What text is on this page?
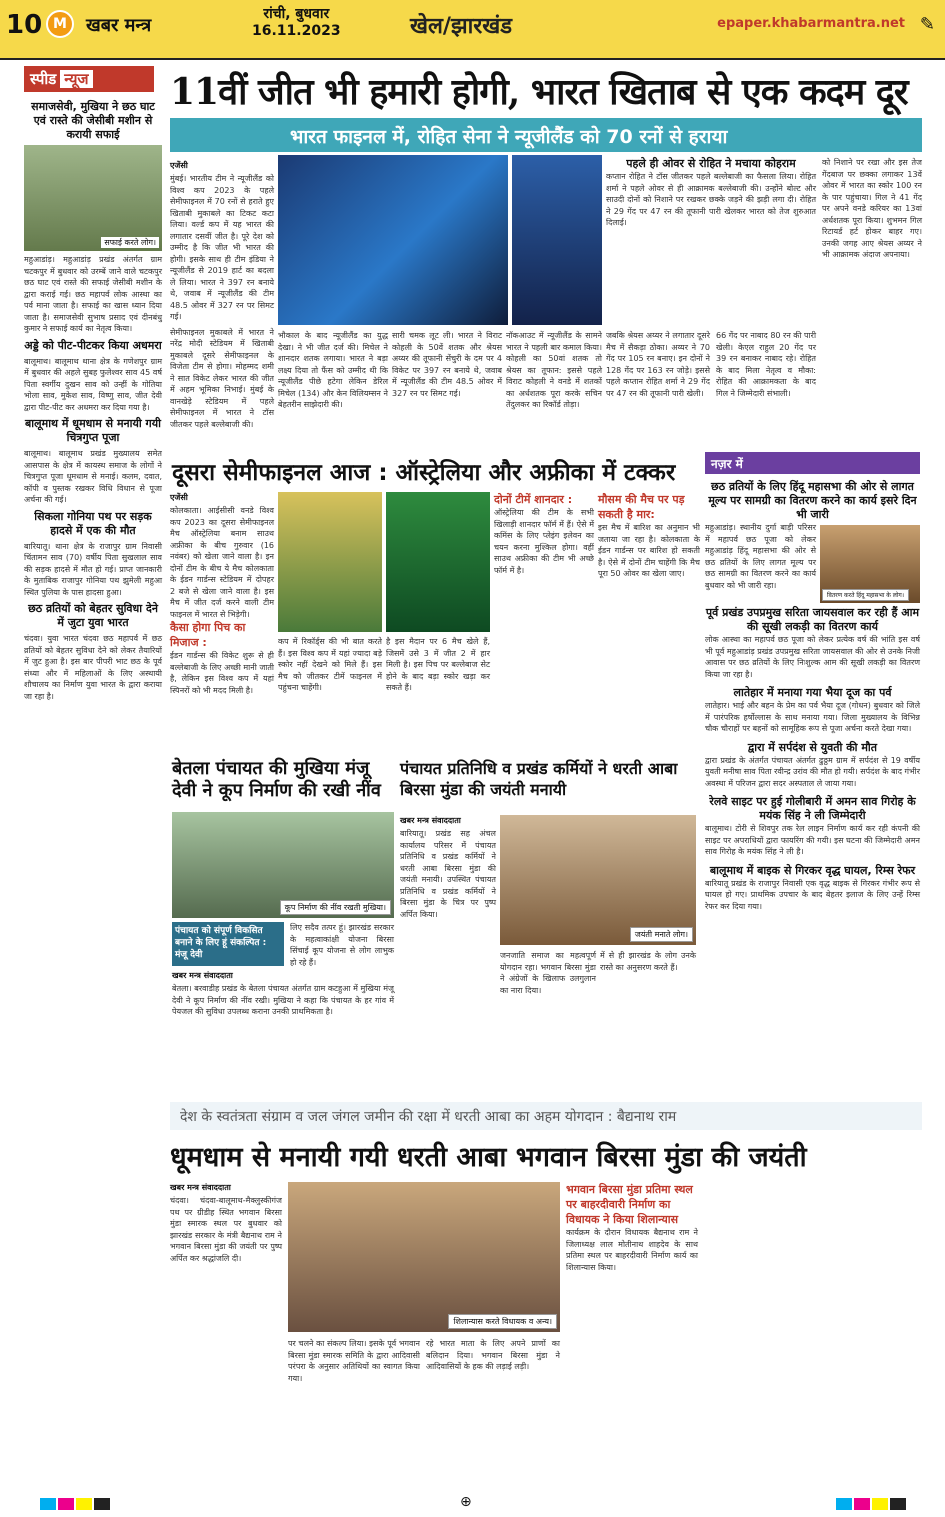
10 M	खबर मन्त्र
रांची, बुधवार
16.11.2023	खेल/झारखंड	epaper.khabarmantra.net ✎
स्पीड न्यूज
समाजसेवी, मुखिया ने छठ घाट एवं रास्ते की जेसीबी मशीन से करायी सफाई
सफाई करते लोग।

महुआडांड़। महुआडांड़ प्रखंड अंतर्गत ग्राम चटकपुर में बुधवार को उरम्बें जाने वाले चटकपुर छठ घाट एवं रास्ते की सफाई जेसीबी मशीन के द्वारा कराई गई। छठ महापर्व लोक आस्था का पर्व माना जाता है। सफाई का खास ध्यान दिया जाता है। समाजसेवी सुभाष प्रसाद एवं दीनबंधु कुमार ने सफाई कार्य का नेतृत्व किया।

अड्डे को पीट-पीटकर किया अधमरा

बालूमाथ। बालूमाथ थाना क्षेत्र के गणेशपुर ग्राम में बुधवार की अहले सुबह फुलेश्वर साव 45 वर्ष पिता स्वर्गीय दुखन साव को उन्हीं के गोतिया भोला साव, मुकेश साव, विष्णु साव, जीत देवी द्वारा पीट-पीट कर अधमरा कर दिया गया है।

बालूमाथ में धूमधाम से मनायी गयी चित्रगुप्त पूजा

बालूमाथ। बालूमाथ प्रखंड मुख्यालय समेत आसपास के क्षेत्र में कायस्थ समाज के लोगों ने चित्रगुप्त पूजा धूमधाम से मनाई। कलम, दवात, कॉपी व पुस्तक रखकर विधि विधान से पूजा अर्चना की गई।

सिकला गोनिया पथ पर सड़क हादसे में एक की मौत

बारियातू। थाना क्षेत्र के राजापुर ग्राम निवासी चिंतामन साव (70) वर्षीय पिता सुखलाल साव की सड़क हादसे में मौत हो गई। प्राप्त जानकारी के मुताबिक राजापुर गोनिया पथ झुमेली महुआ स्थित पुलिया के पास हादसा हुआ।

छठ व्रतियों को बेहतर सुविधा देने में जुटा युवा भारत

चंदवा। युवा भारत चंदवा छठ महापर्व में छठ व्रतियों को बेहतर सुविधा देने को लेकर तैयारियों में जुट हुआ है। इस बार पीपरी भाट छठ के पूर्व संध्या और में महिलाओं के लिए अस्थायी शौचालय का निर्माण युवा भारत के द्वारा कराया जा रहा है।

11वीं जीत भी हमारी होगी, भारत खिताब से एक कदम दूर
भारत फाइनल में, रोहित सेना ने न्यूजीलैंड को 70 रनों से हराया
एजेंसी

मुंबई। भारतीय टीम ने न्यूजीलैंड को विश्व कप 2023 के पहले सेमीफाइनल में 70 रनों से हराते हुए खिताबी मुकाबले का टिकट कटा लिया। वर्ल्ड कप में यह भारत की लगातार दसवीं जीत है। पूरे देश को उम्मीद है कि जीत भी भारत की होगी। इसके साथ ही टीम इंडिया ने न्यूजीलैंड से 2019 हार्ट का बदला ले लिया। भारत ने 397 रन बनाये थे, जवाब में न्यूजीलैंड की टीम 48.5 ओवर में 327 रन पर सिमट गई।

सेमीफाइनल मुकाबले में भारत ने नरेंद्र मोदी स्टेडियम में खिताबी मुकाबले दूसरे सेमीफाइनल के विजेता टीम से होगा। मोहम्मद शमी ने सात विकेट लेकर भारत की जीत में अहम भूमिका निभाई। मुंबई के वानखेड़े स्टेडियम में पहले सेमीफाइनल में भारत ने टॉस जीतकर पहले बल्लेबाजी की।

भौकाल के बाद न्यूजीलैंड का युद्ध देखा। ने भी जीत दर्ज की। मिचेल ने शानदार शतक लगाया। भारत ने बड़ा लक्ष्य दिया तो फैंस को उम्मीद थी कि न्यूजीलैंड पीछे हटेगा लेकिन डेरिल मिचेल (134) और केन विलियम्सन ने बेहतरीन साझेदारी की।

सारी चमक लूट ली। भारत ने विराट कोहली के 50वें शतक और श्रेयस अय्यर की तूफानी सेंचुरी के दम पर 4 विकेट पर 397 रन बनाये थे, जवाब में न्यूजीलैंड की टीम 48.5 ओवर में 327 रन पर सिमट गई।

नॉकआउट में न्यूजीलैंड के सामने भारत ने पहली बार कमाल किया। कोहली का 50वां शतक तो श्रेयस का तूफान: इससे पहले विराट कोहली ने वनडे में शतकों का अर्धशतक पूरा करके सचिन तेंदुलकर का रिकॉर्ड तोड़ा।

पहले ही ओवर से रोहित ने मचाया कोहराम

कप्तान रोहित ने टॉस जीतकर पहले बल्लेबाजी का फैसला लिया। रोहित शर्मा ने पहले ओवर से ही आक्रामक बल्लेबाजी की। उन्होंने बोल्ट और साउदी दोनों को निशाने पर रखकर छक्के जड़ने की झड़ी लगा दी। रोहित ने 29 गेंद पर 47 रन की तूफानी पारी खेलकर भारत को तेज शुरुआत दिलाई।

जबकि श्रेयस अय्यर ने लगातार दूसरे मैच में सैकड़ा ठोका। अय्यर ने 70 गेंद पर 105 रन बनाए। इन दोनों ने 128 गेंद पर 163 रन जोड़े। इससे पहले कप्तान रोहित शर्मा ने 29 गेंद पर 47 रन की तूफानी पारी खेली।

66 गेंद पर नाबाद 80 रन की पारी खेली। केएल राहुल 20 गेंद पर 39 रन बनाकर नाबाद रहे। रोहित के बाद मिला नेतृत्व व मौका: रोहित की आक्रामकता के बाद गिल ने जिम्मेदारी संभाली।

को निशाने पर रखा और इस तेज गेंदबाज पर छक्का लगाकर 13वें ओवर में भारत का स्कोर 100 रन के पार पहुंचाया। गिल ने 41 गेंद पर अपने वनडे करियर का 13वां अर्धशतक पूरा किया। शुभमन गिल रिटायर्ड हर्ट होकर बाहर गए। उनकी जगह आए श्रेयस अय्यर ने भी आक्रामक अंदाज अपनाया।

दूसरा सेमीफाइनल आज : ऑस्ट्रेलिया और अफ्रीका में टक्कर
एजेंसी

कोलकाता। आईसीसी वनडे विश्व कप 2023 का दूसरा सेमीफाइनल मैच ऑस्ट्रेलिया बनाम साउथ अफ्रीका के बीच गुरुवार (16 नवंबर) को खेला जाने वाला है। इन दोनों टीम के बीच ये मैच कोलकाता के ईडन गार्डन्स स्टेडियम में दोपहर 2 बजे से खेला जाने वाला है। इस मैच में जीत दर्ज करने वाली टीम फाइनल में भारत से भिड़ेगी।

कैसा होगा पिच का मिजाज :

ईडन गार्डन्स की विकेट शुरू से ही बल्लेबाजी के लिए अच्छी मानी जाती है, लेकिन इस विश्व कप में यहां स्पिनरों को भी मदद मिली है।

कप में रिकॉर्ड्स की भी बात करते हैं। इस विश्व कप में यहां ज्यादा बड़े स्कोर नहीं देखने को मिले हैं। इस मैच को जीतकर टीमें फाइनल में पहुंचना चाहेंगी।

है इस मैदान पर 6 मैच खेले हैं, जिसमें उसे 3 में जीत 2 में हार मिली है। इस पिच पर बल्लेबाज सेट होने के बाद बड़ा स्कोर खड़ा कर सकते हैं।

दोनों टीमें शानदार :

ऑस्ट्रेलिया की टीम के सभी खिलाड़ी शानदार फॉर्म में हैं। ऐसे में कमिंस के लिए प्लेइंग इलेवन का चयन करना मुश्किल होगा। वहीं साउथ अफ्रीका की टीम भी अच्छे फॉर्म में है।

मौसम की मैच पर पड़ सकती है मार:

इस मैच में बारिश का अनुमान भी जताया जा रहा है। कोलकाता के ईडन गार्डन्स पर बारिश हो सकती है। ऐसे में दोनों टीम चाहेंगी कि मैच पूरा 50 ओवर का खेला जाए।

नज़र में
छठ व्रतियों के लिए हिंदू महासभा की ओर से लागत मूल्य पर सामग्री का वितरण करने का कार्य इसरे दिन भी जारी
वितरण करते हिंदू महासभा के लोग।

महुआडांड़। स्थानीय दुर्गा बाड़ी परिसर में महापर्व छठ पूजा को लेकर महुआडांड़ हिंदू महासभा की ओर से छठ व्रतियों के लिए लागत मूल्य पर छठ सामग्री का वितरण करने का कार्य बुधवार को भी जारी रहा।

पूर्व प्रखंड उपप्रमुख सरिता जायसवाल कर रही हैं आम की सूखी लकड़ी का वितरण कार्य

लोक आस्था का महापर्व छठ पूजा को लेकर प्रत्येक वर्ष की भांति इस वर्ष भी पूर्व महुआडांड़ प्रखंड उपप्रमुख सरिता जायसवाल की ओर से उनके निजी आवास पर छठ व्रतियों के लिए निःशुल्क आम की सूखी लकड़ी का वितरण किया जा रहा है।

लातेहार में मनाया गया भैया दूज का पर्व

लातेहार। भाई और बहन के प्रेम का पर्व भैया दूज (गोधन) बुधवार को जिले में पारंपरिक हर्षोल्लास के साथ मनाया गया। जिला मुख्यालय के विभिन्न चौक चौराहों पर बहनों को सामूहिक रूप से पूजा अर्चना करते देखा गया।

द्वारा में सर्पदंश से युवती की मौत

द्वारा प्रखंड के अंतर्गत पंचायत अंतर्गत ढुठ्ठम ग्राम में सर्पदंश से 19 वर्षीय युवती मनीषा साव पिता रवीन्द्र उरांव की मौत हो गयी। सर्पदंश के बाद गंभीर अवस्था में परिजन द्वारा सदर अस्पताल ले जाया गया।

रेलवे साइट पर हुई गोलीबारी में अमन साव गिरोह के मयंक सिंह ने ली जिम्मेदारी

बालूमाथ। टोरी से शिवपुर तक रेल लाइन निर्माण कार्य कर रही कंपनी की साइट पर अपराधियों द्वारा फायरिंग की गयी। इस घटना की जिम्मेदारी अमन साव गिरोह के मयंक सिंह ने ली है।

बालूमाथ में बाइक से गिरकर वृद्ध घायल, रिम्स रेफर

बारियातू प्रखंड के राजापुर निवासी एक वृद्ध बाइक से गिरकर गंभीर रूप से घायल हो गए। प्राथमिक उपचार के बाद बेहतर इलाज के लिए उन्हें रिम्स रेफर कर दिया गया।

बेतला पंचायत की मुखिया मंजू देवी ने कूप निर्माण की रखी नींव
कूप निर्माण की नींव रखती मुखिया।
पंचायत को संपूर्ण विकसित बनाने के लिए हूं संकल्पित : मंजू देवी

लिए सदैव तत्पर हूं। झारखंड सरकार के महत्वाकांक्षी योजना बिरसा सिंचाई कूप योजना से लोग लाभुक हो रहे हैं।

खबर मन्त्र संवाददाता

बेतला। बरवाडीह प्रखंड के बेतला पंचायत अंतर्गत ग्राम कटहुआ में मुखिया मंजू देवी ने कूप निर्माण की नींव रखी। मुखिया ने कहा कि पंचायत के हर गांव में पेयजल की सुविधा उपलब्ध कराना उनकी प्राथमिकता है।

पंचायत प्रतिनिधि व प्रखंड कर्मियों ने धरती आबा बिरसा मुंडा की जयंती मनायी
खबर मन्त्र संवाददाता

बारियातू। प्रखंड सह अंचल कार्यालय परिसर में पंचायत प्रतिनिधि व प्रखंड कर्मियों ने धरती आबा बिरसा मुंडा की जयंती मनायी। उपस्थित पंचायत प्रतिनिधि व प्रखंड कर्मियों ने बिरसा मुंडा के चित्र पर पुष्प अर्पित किया।

जयंती मनाते लोग।

जनजाति समाज का महत्वपूर्ण योगदान रहा। भगवान बिरसा मुंडा ने अंग्रेजों के खिलाफ उलगुलान का नारा दिया।

में से ही झारखंड के लोग उनके रास्ते का अनुसरण करते हैं।

देश के स्वतंत्रता संग्राम व जल जंगल जमीन की रक्षा में धरती आबा का अहम योगदान : बैद्यनाथ राम
धूमधाम से मनायी गयी धरती आबा भगवान बिरसा मुंडा की जयंती
खबर मन्त्र संवाददाता

चंदवा। चंदवा-बालूमाथ-मैक्लुस्कीगंज पथ पर ग्रीडीह स्थित भगवान बिरसा मुंडा स्मारक स्थल पर बुधवार को झारखंड सरकार के मंत्री बैद्यनाथ राम ने भगवान बिरसा मुंडा की जयंती पर पुष्प अर्पित कर श्रद्धांजलि दी।

शिलान्यास करते विधायक व अन्य।

पर चलने का संकल्प लिया। इसके पूर्व भगवान बिरसा मुंडा स्मारक समिति के द्वारा आदिवासी परंपरा के अनुसार अतिथियों का स्वागत किया गया।

रहे भारत माता के लिए अपने प्राणों का बलिदान दिया। भगवान बिरसा मुंडा ने आदिवासियों के हक की लड़ाई लड़ी।

भगवान बिरसा मुंडा प्रतिमा स्थल पर बाहरदीवारी निर्माण का विधायक ने किया शिलान्यास

कार्यक्रम के दौरान विधायक बैद्यनाथ राम ने जिलाध्यक्ष लाल मोतीनाथ शाहदेव के साथ प्रतिमा स्थल पर बाहरदीवारी निर्माण कार्य का शिलान्यास किया।

⊕
